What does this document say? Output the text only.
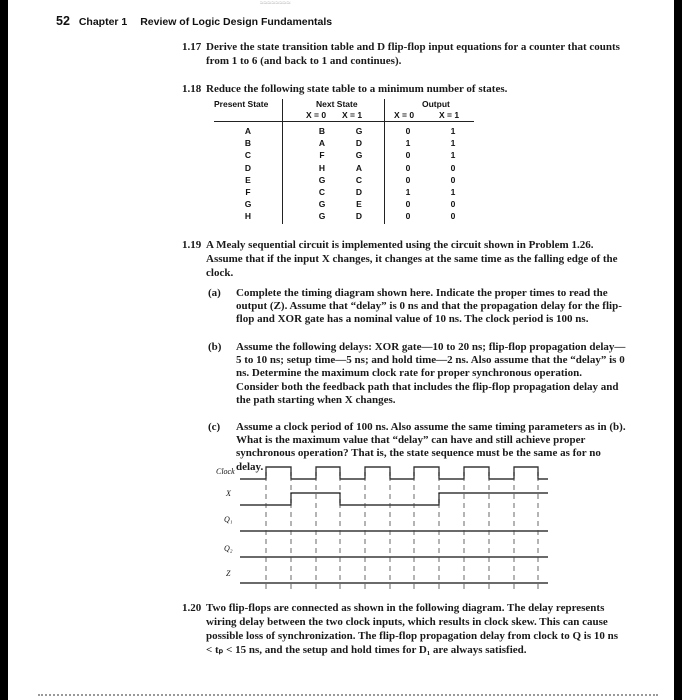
≈≈≈≈≈≈≈≈
52 Chapter 1 Review of Logic Design Fundamentals
1.17 Derive the state transition table and D flip-flop input equations for a counter that counts from 1 to 6 (and back to 1 and continues).
1.18 Reduce the following state table to a minimum number of states.
Present State	Next State	Output
X = 0 X = 1	X = 0	X = 1
A	B	G	0	1
B	A	D	1	1
C	F	G	0	1
D	H	A	0	0
E	G	C	0	0
F	C	D	1	1
G	G	E	0	0
H	G	D	0	0
1.19 A Mealy sequential circuit is implemented using the circuit shown in Problem 1.26. Assume that if the input X changes, it changes at the same time as the falling edge of the clock.
(a) Complete the timing diagram shown here. Indicate the proper times to read the output (Z). Assume that “delay” is 0 ns and that the propagation delay for the flip-flop and XOR gate has a nominal value of 10 ns. The clock period is 100 ns.
(b) Assume the following delays: XOR gate—10 to 20 ns; flip-flop propagation delay—5 to 10 ns; setup time—5 ns; and hold time—2 ns. Also assume that the “delay” is 0 ns. Determine the maximum clock rate for proper synchronous operation. Consider both the feedback path that includes the flip-flop propagation delay and the path starting when X changes.
(c) Assume a clock period of 100 ns. Also assume the same timing parameters as in (b). What is the maximum value that “delay” can have and still achieve proper synchronous operation? That is, the state sequence must be the same as for no delay.
Clock
X
Q₁
Q₂
Z
1.20 Two flip-flops are connected as shown in the following diagram. The delay represents wiring delay between the two clock inputs, which results in clock skew. This can cause possible loss of synchronization. The flip-flop propagation delay from clock to Q is 10 ns < tₚ < 15 ns, and the setup and hold times for D₁ are always satisfied.
